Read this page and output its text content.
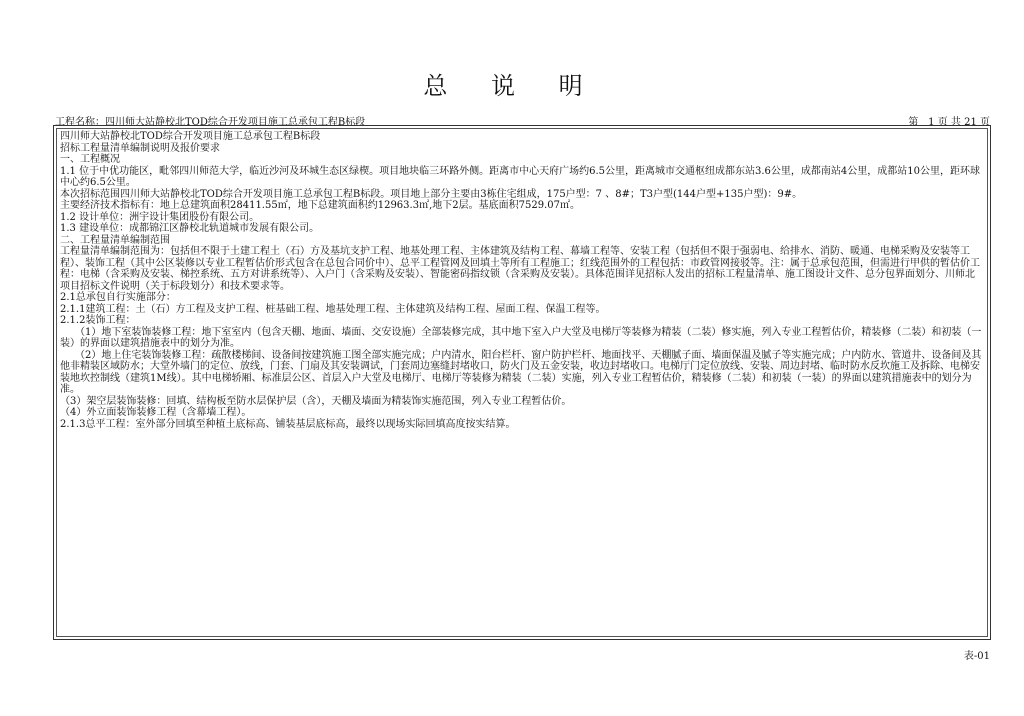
总 说 明
工程名称：四川师大站静校北TOD综合开发项目施工总承包工程B标段	第　1 页 共 21 页

四川师大站静校北TOD综合开发项目施工总承包工程B标段

招标工程量清单编制说明及报价要求

一、工程概况

1.1 位于中优功能区，毗邻四川师范大学，临近沙河及环城生态区绿楔。项目地块临三环路外侧。距离市中心天府广场约6.5公里，距离城市交通枢纽成都东站3.6公里，成都南站4公里，成都站10公里，距环球中心约6.5公里。

本次招标范围四川师大站静校北TOD综合开发项目施工总承包工程B标段。项目地上部分主要由3栋住宅组成，175户型：7 、8#；T3户型(144户型+135户型)：9#。

主要经济技术指标有：地上总建筑面积28411.55㎡，地下总建筑面积约12963.3㎡,地下2层。基底面积7529.07㎡。

1.2 设计单位：洲宇设计集团股份有限公司。

1.3 建设单位：成都锦江区静校北轨道城市发展有限公司。

二、工程量清单编制范围

工程量清单编制范围为：包括但不限于土建工程土（石）方及基坑支护工程、地基处理工程、主体建筑及结构工程、幕墙工程等、安装工程（包括但不限于强弱电、给排水、消防、暖通、电梯采购及安装等工程）、装饰工程（其中公区装修以专业工程暂估价形式包含在总包合同价中）、总平工程管网及回填土等所有工程施工；红线范围外的工程包括：市政管网接驳等。注：属于总承包范围，但需进行甲供的暂估价工程：电梯（含采购及安装、梯控系统、五方对讲系统等）、入户门（含采购及安装）、智能密码指纹锁（含采购及安装）。具体范围详见招标人发出的招标工程量清单、施工图设计文件、总分包界面划分、川师北项目招标文件说明（关于标段划分）和技术要求等。

2.1总承包自行实施部分：

2.1.1建筑工程：土（石）方工程及支护工程、桩基础工程、地基处理工程、主体建筑及结构工程、屋面工程、保温工程等。

2.1.2装饰工程：

（1）地下室装饰装修工程：地下室室内（包含天棚、地面、墙面、交安设施）全部装修完成，其中地下室入户大堂及电梯厅等装修为精装（二装）修实施，列入专业工程暂估价，精装修（二装）和初装（一装）的界面以建筑措施表中的划分为准。

（2）地上住宅装饰装修工程：疏散楼梯间、设备间按建筑施工图全部实施完成；户内清水，阳台栏杆、窗户防护栏杆、地面找平、天棚腻子面、墙面保温及腻子等实施完成；户内防水、管道井、设备间及其他非精装区域防水；大堂外墙门的定位、放线，门套、门扇及其安装调试，门套周边塞缝封堵收口，防火门及五金安装，收边封堵收口。电梯厅门定位放线、安装、周边封堵、临时防水反坎施工及拆除、电梯安装地坎控制线（建筑1M线）。其中电梯轿厢、标准层公区、首层入户大堂及电梯厅、电梯厅等装修为精装（二装）实施，列入专业工程暂估价，精装修（二装）和初装（一装）的界面以建筑措施表中的划分为准。

（3）架空层装饰装修：回填、结构板至防水层保护层（含），天棚及墙面为精装饰实施范围，列入专业工程暂估价。

（4）外立面装饰装修工程（含幕墙工程）。

2.1.3总平工程：室外部分回填至种植土底标高、铺装基层底标高，最终以现场实际回填高度按实结算。

表-01
